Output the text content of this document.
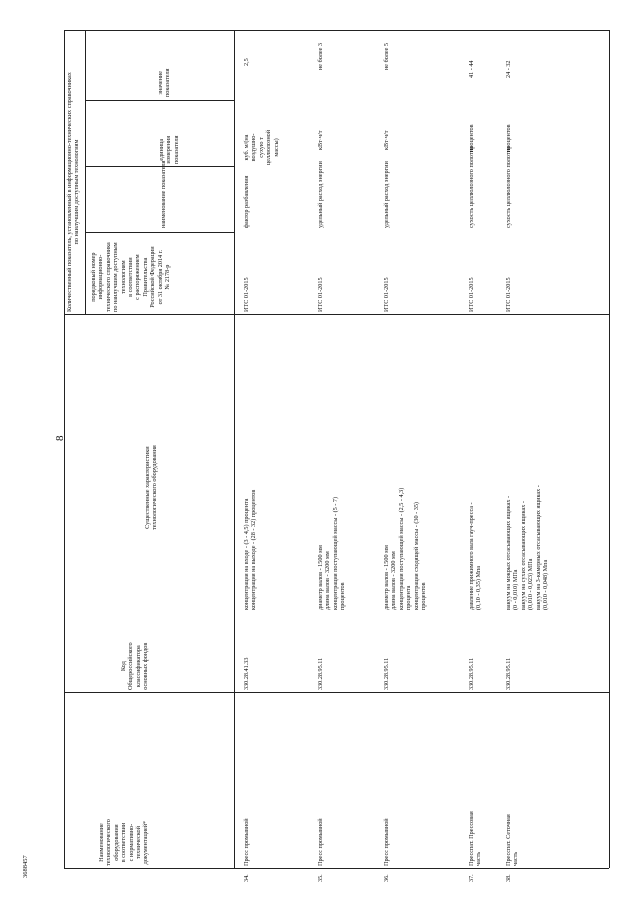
8
3688457
значение
показателя
единица
измерения
показателя
наименование показателя
порядковый номер
информационно-
технического справочника
по наилучшим доступным
технологиям
в соответствии
с распоряжением
Правительства
Российской Федерации
от 31 октября 2014 г.
№ 2178-р
Количественный показатель, установленный в информационно-технических справочниках
по наилучшим доступным технологиям
Существенные характеристики
технологического оборудования
Код
Общероссийского
классификатора
основных фондов
Наименование
технологического
оборудования
в соответствии
с нормативно-
технической
документацией*
34.
Пресс промывной
330.28.41.33
концентрация на входе - (3 - 4,5) процента
концентрация на выходе - (28 - 32) процентов
ИТС 01-2015
фактор разбавления
куб. м/(на
воздушно-
сухую т
целлюлозной
массы)
2,5
35.
Пресс промывной
330.28.95.11
диаметр валов - 1500 мм
длина валов - 3200 мм
концентрация поступающей массы - (5 - 7)
процентов
ИТС 01-2015
удельный расход энергии
кВт·ч/т
не более 3
36.
Пресс промывной
330.28.95.11
диаметр валов - 1500 мм
длина валов - 3200 мм
концентрация поступающей массы - (2,5 - 4,3)
процента
концентрация сходящей массы - (30 - 35)
процентов
ИТС 01-2015
удельный расход энергии
кВт·ч/т
не более 5
37.
Пресспат. Прессовая
часть
330.28.95.11
давление прижимного вала гауч-пресса -
(0,10 - 0,35) Мпа
ИТС 01-2015
сухость целлюлозного полотна
процентов
41 - 44
38.
Пресспат. Сеточная
часть
330.28.95.11
вакуум на мокрых отсасывающих ящиках -
(0 - 0,010) МПа
вакуум на сухих отсасывающих ящиках -
(0,010 - 0,023) МПа
вакуум на 3-камерных отсасывающих ящиках -
(0,010 - 0,048) Мпа
ИТС 01-2015
сухость целлюлозного полотна
процентов
24 - 32
